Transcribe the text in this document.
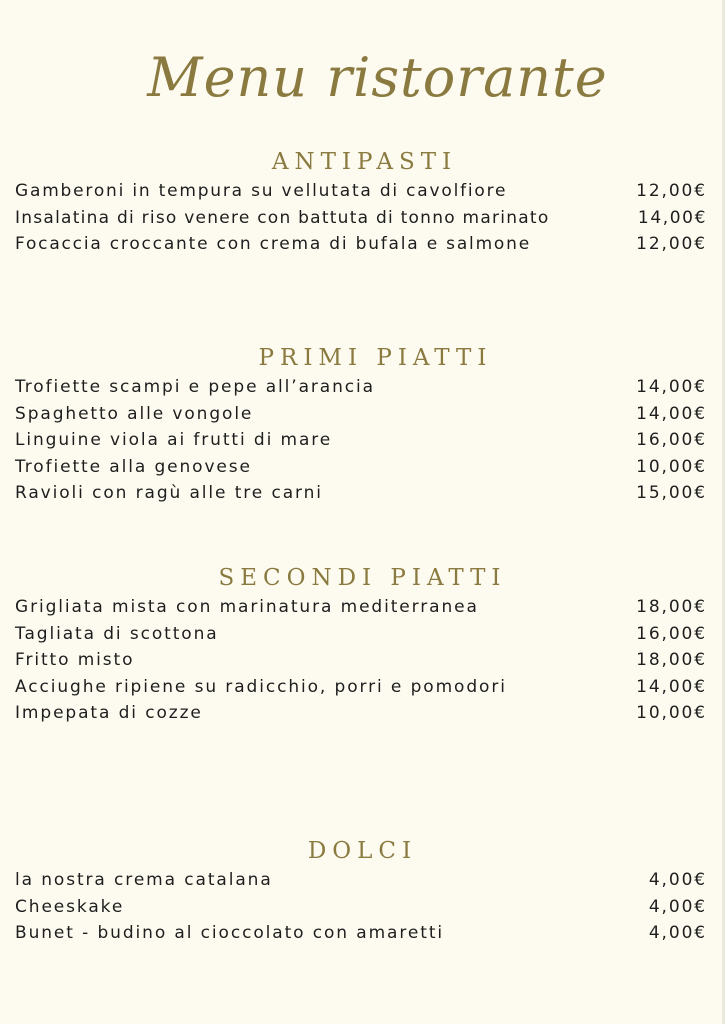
Menu ristorante
ANTIPASTI
Gamberoni in tempura su vellutata di cavolfiore	12,00€
Insalatina di riso venere con battuta di tonno marinato	14,00€
Focaccia croccante con crema di bufala e salmone	12,00€
PRIMI PIATTI
Trofiette scampi e pepe all’arancia	14,00€
Spaghetto alle vongole	14,00€
Linguine viola ai frutti di mare	16,00€
Trofiette alla genovese	10,00€
Ravioli con ragù alle tre carni	15,00€
SECONDI PIATTI
Grigliata mista con marinatura mediterranea	18,00€
Tagliata di scottona	16,00€
Fritto misto	18,00€
Acciughe ripiene su radicchio, porri e pomodori	14,00€
Impepata di cozze	10,00€
DOLCI
la nostra crema catalana	4,00€
Cheeskake	4,00€
Bunet - budino al cioccolato con amaretti	4,00€
